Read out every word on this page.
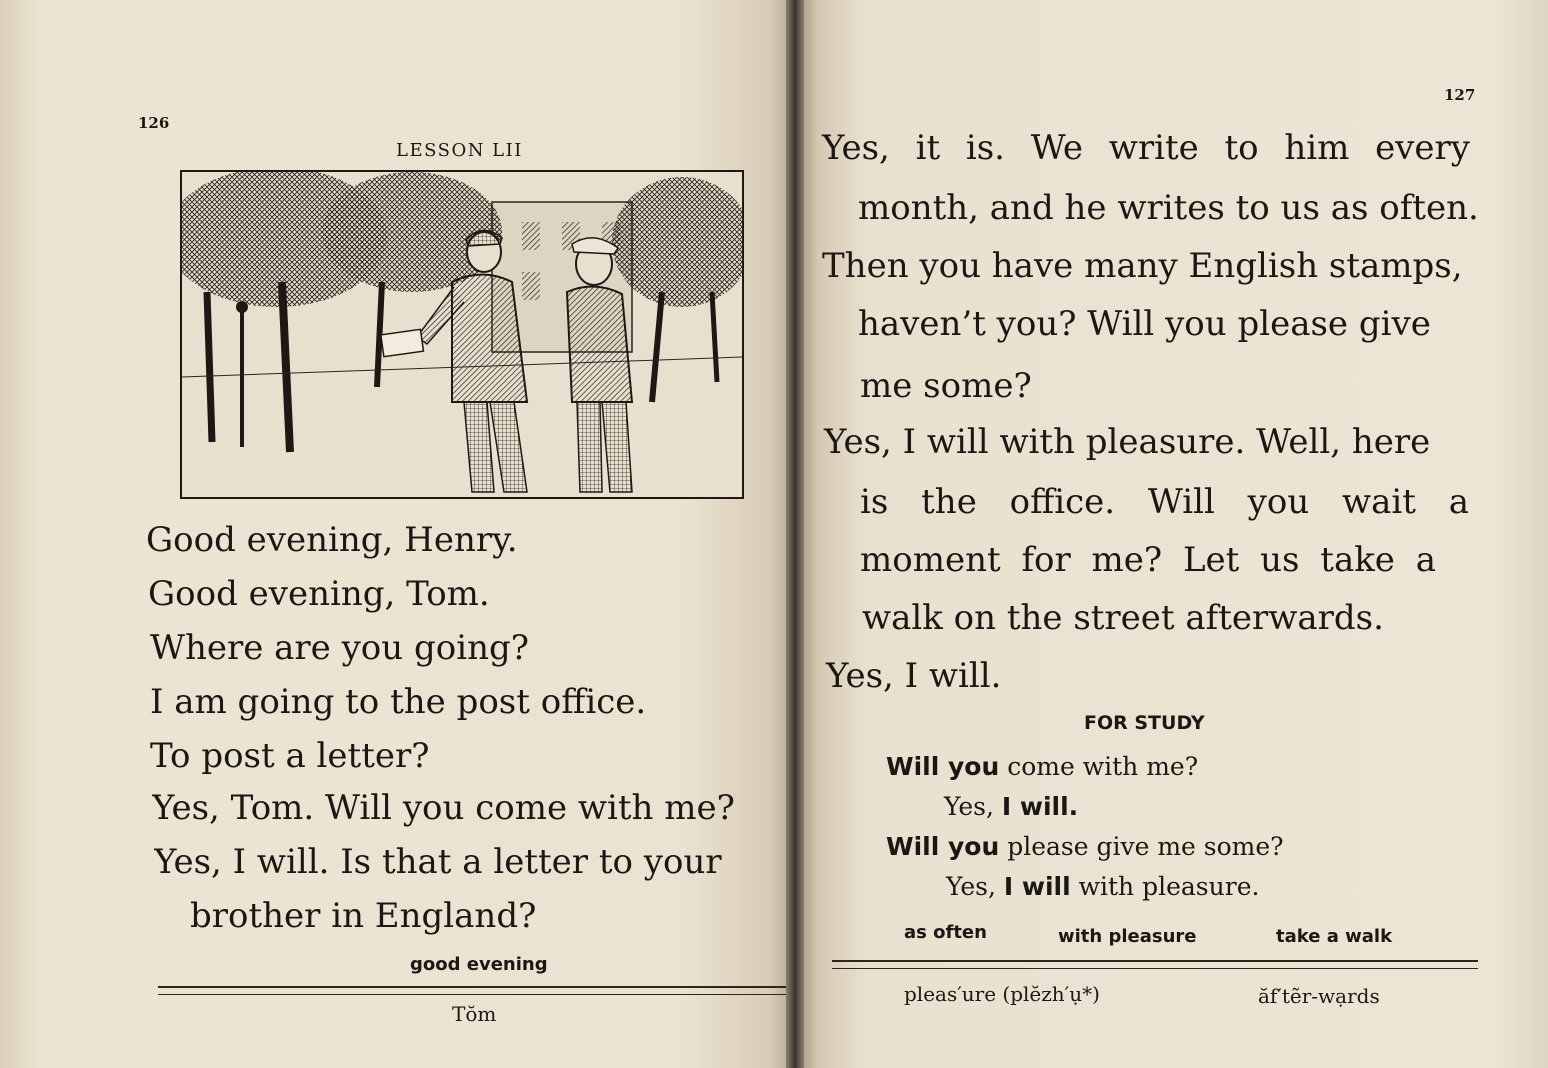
126
LESSON LII
Good evening, Henry.
Good evening, Tom.
Where are you going?
I am going to the post office.
To post a letter?
Yes, Tom. Will you come with me?
Yes, I will. Is that a letter to your
brother in England?
good evening
Tŏm
127
Yes, it is. We write to him every
month, and he writes to us as often.
Then you have many English stamps,
haven’t you? Will you please give
me some?
Yes, I will with pleasure. Well, here
is the office. Will you wait a
moment for me? Let us take a
walk on the street afterwards.
Yes, I will.
FOR STUDY
Will you come with me?
Yes, I will.
Will you please give me some?
Yes, I will with pleasure.
as often	with pleasure	take a walk
pleas′ure (plĕzh′ụ*)	ăf′tẽr-wạrds
